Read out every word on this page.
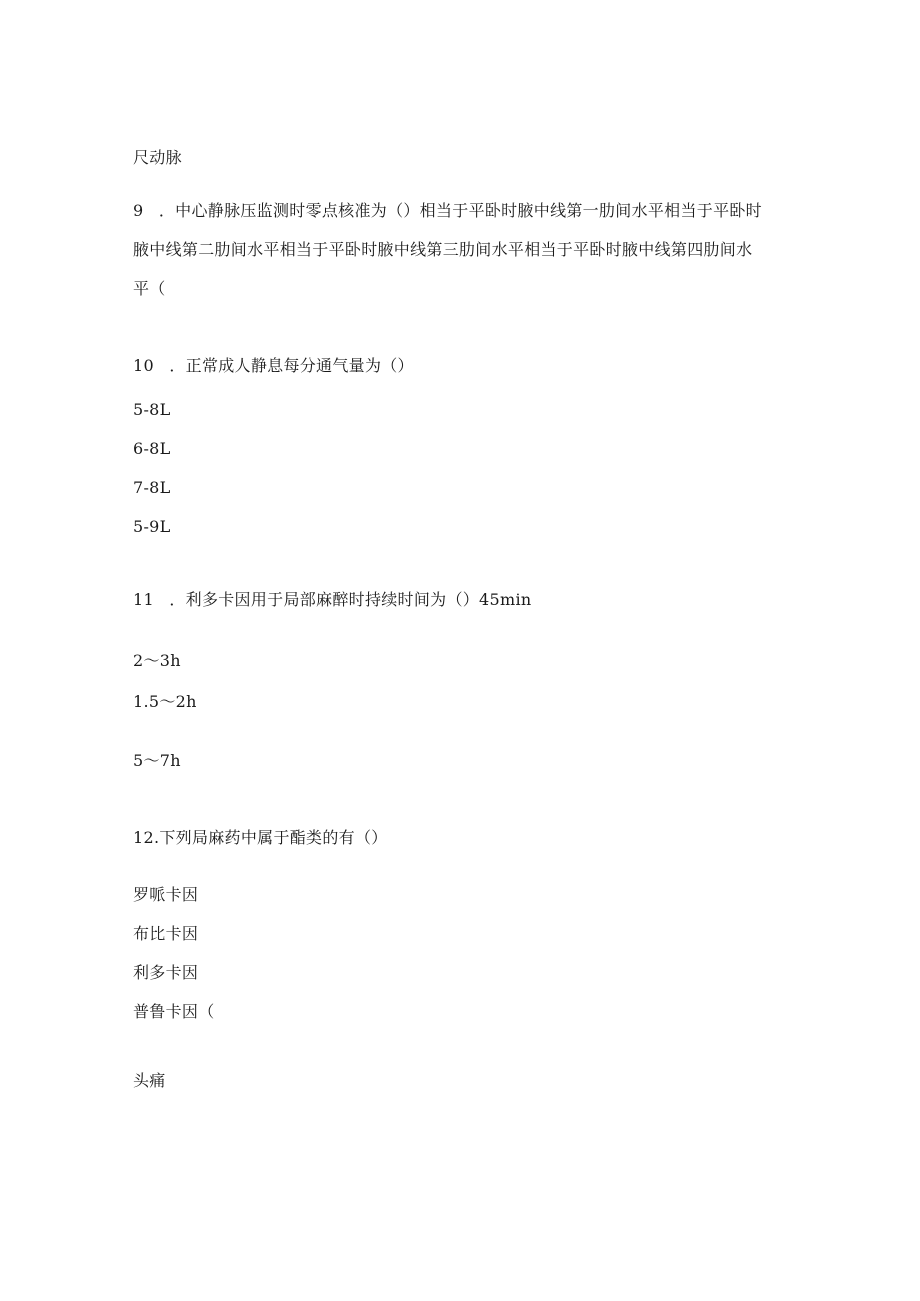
尺动脉
9 ．中心静脉压监测时零点核准为（）相当于平卧时腋中线第一肋间水平相当于平卧时
腋中线第二肋间水平相当于平卧时腋中线第三肋间水平相当于平卧时腋中线第四肋间水
平（
10 ．正常成人静息每分通气量为（）
5-8L
6-8L
7-8L
5-9L
11 ．利多卡因用于局部麻醉时持续时间为（）45min
2～3h
1.5～2h
5～7h
12.下列局麻药中属于酯类的有（）
罗哌卡因
布比卡因
利多卡因
普鲁卡因（
头痛
